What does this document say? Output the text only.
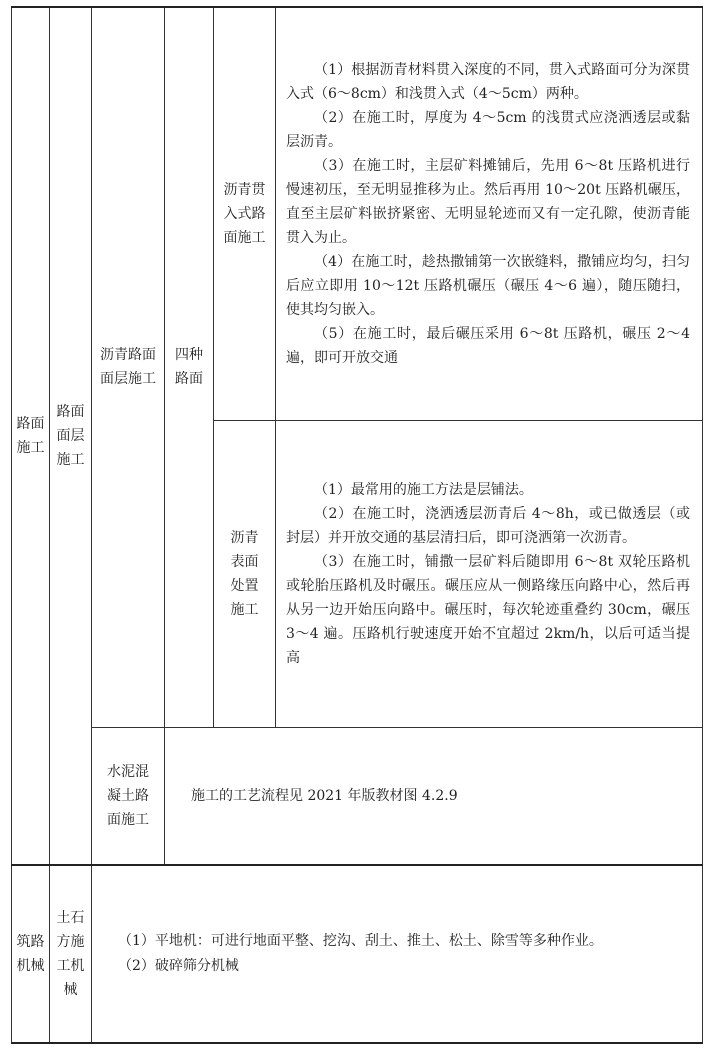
路面施工	路面面层施工	沥青路面面层施工	四种路面	沥青贯入式路面施工	（1）根据沥青材料贯入深度的不同，贯入式路面可分为深贯入式（6～8cm）和浅贯入式（4～5cm）两种。

（2）在施工时，厚度为 4～5cm 的浅贯式应浇洒透层或黏层沥青。

（3）在施工时，主层矿料摊铺后，先用 6～8t 压路机进行慢速初压，至无明显推移为止。然后再用 10～20t 压路机碾压，直至主层矿料嵌挤紧密、无明显轮迹而又有一定孔隙，使沥青能贯入为止。

（4）在施工时，趁热撒铺第一次嵌缝料，撒铺应均匀，扫匀后应立即用 10～12t 压路机碾压（碾压 4～6 遍），随压随扫，使其均匀嵌入。

（5）在施工时，最后碾压采用 6～8t 压路机，碾压 2～4 遍，即可开放交通

				沥青表面处置施工	（1）最常用的施工方法是层铺法。

（2）在施工时，浇洒透层沥青后 4～8h，或已做透层（或封层）并开放交通的基层清扫后，即可浇洒第一次沥青。

（3）在施工时，铺撒一层矿料后随即用 6～8t 双轮压路机或轮胎压路机及时碾压。碾压应从一侧路缘压向路中心，然后再从另一边开始压向路中。碾压时，每次轮迹重叠约 30cm，碾压 3～4 遍。压路机行驶速度开始不宜超过 2km/h，以后可适当提高

		水泥混凝土路面施工	施工的工艺流程见 2021 年版教材图 4.2.9		

筑路机械	土石方施工机械	（1）平地机：可进行地面平整、挖沟、刮土、推土、松土、除雪等多种作业。

（2）破碎筛分机械			
